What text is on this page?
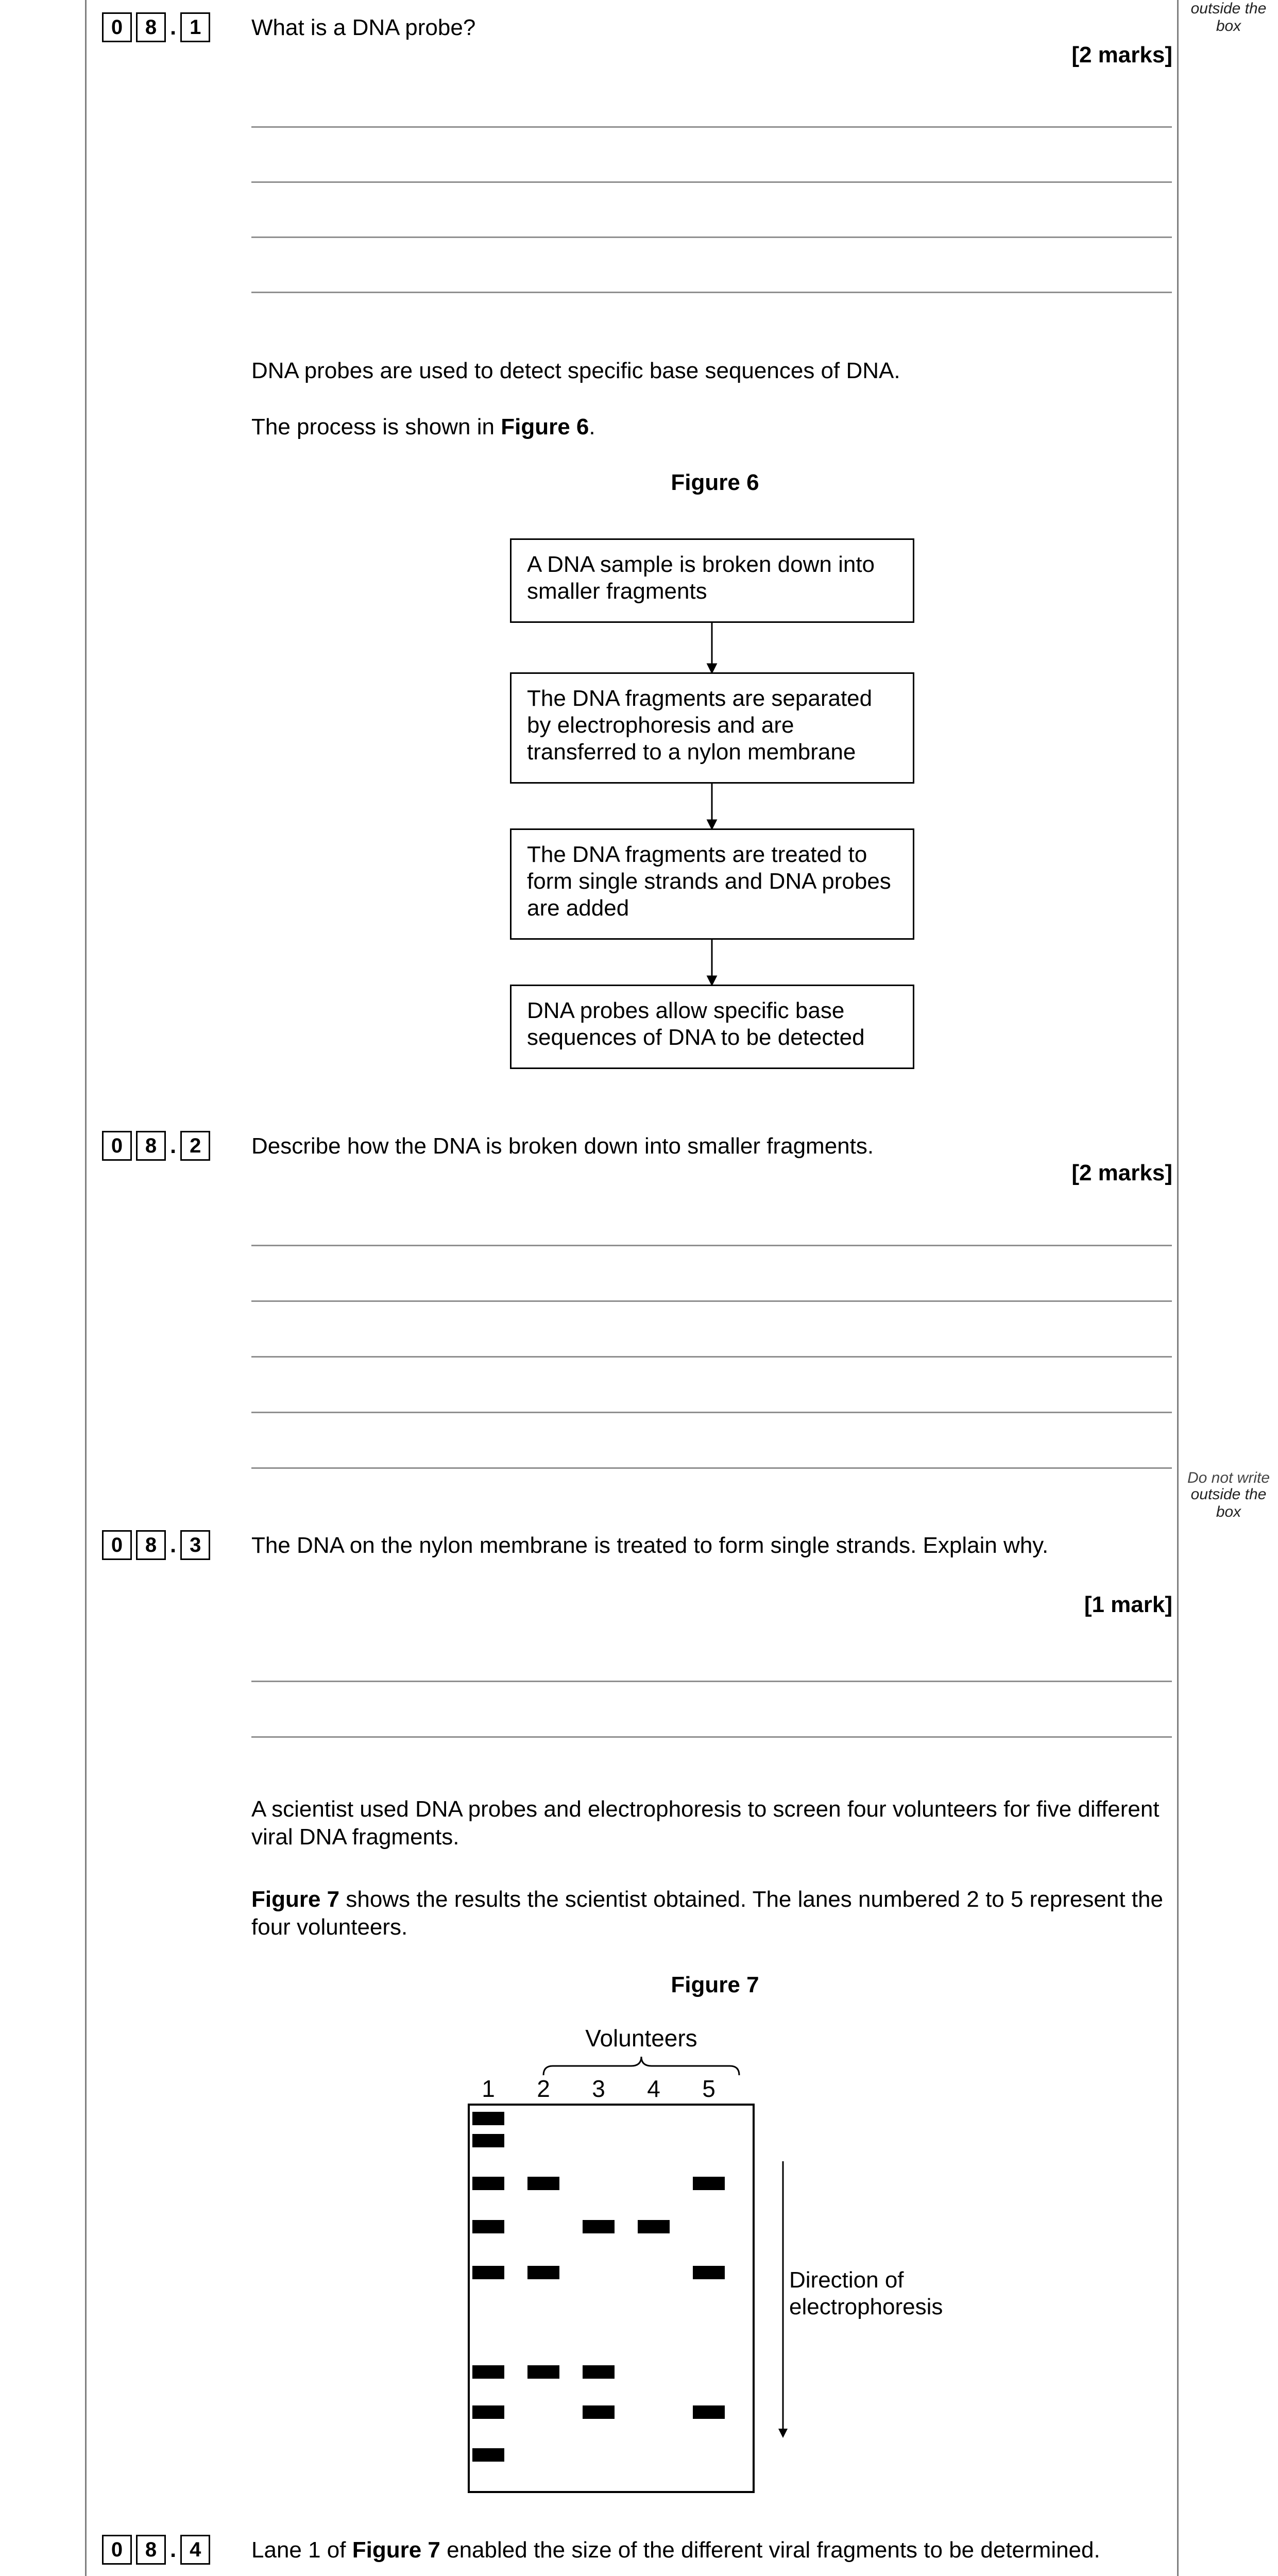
outside the
box
Do not write
outside the
box
0	8 . 1	What is a DNA probe?
[2 marks]
DNA probes are used to detect specific base sequences of DNA.
The process is shown in Figure 6.
Figure 6
A DNA sample is broken down into smaller fragments
The DNA fragments are separated by electrophoresis and are transferred to a nylon membrane
The DNA fragments are treated to form single strands and DNA probes are added
DNA probes allow specific base sequences of DNA to be detected
0	8 . 2	Describe how the DNA is broken down into smaller fragments.
[2 marks]
0	8 . 3	The DNA on the nylon membrane is treated to form single strands. Explain why.
[1 mark]
A scientist used DNA probes and electrophoresis to screen four volunteers for five different viral DNA fragments.
Figure 7 shows the results the scientist obtained. The lanes numbered 2 to 5 represent the four volunteers.
Figure 7
Volunteers
1 2 3 4 5
Direction of
electrophoresis
0	8 . 4	Lane 1 of Figure 7 enabled the size of the different viral fragments to be determined.
